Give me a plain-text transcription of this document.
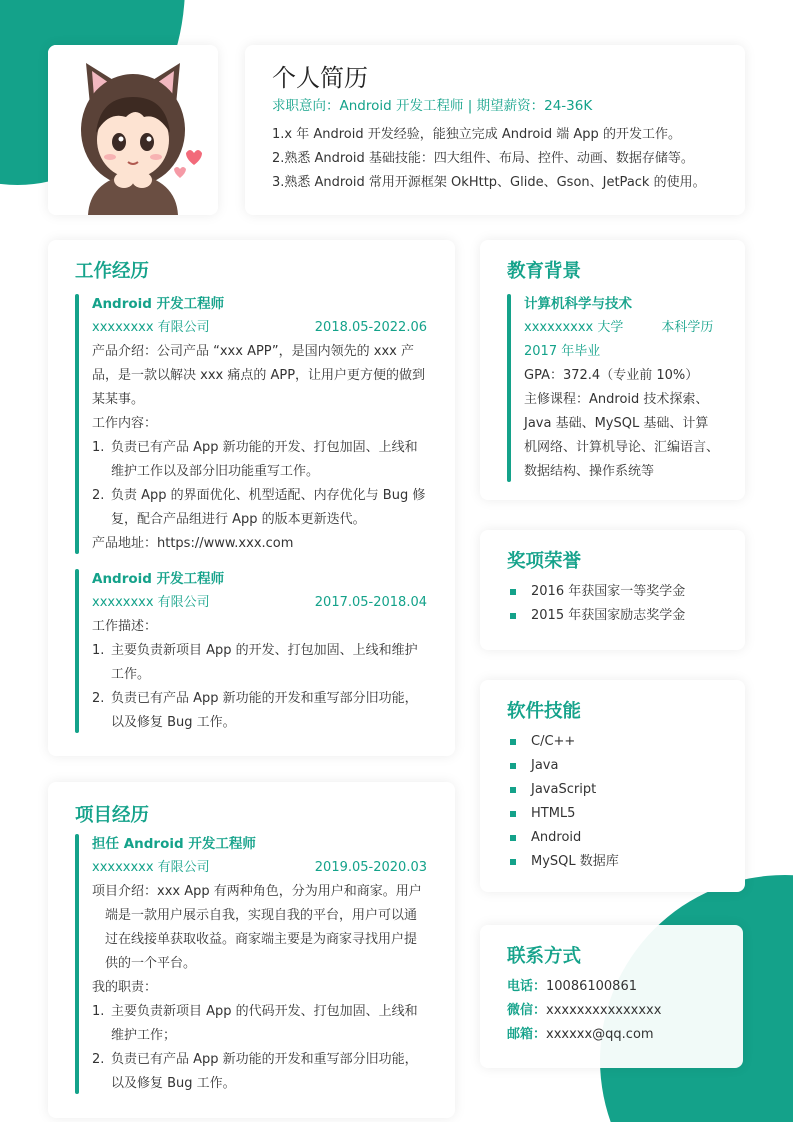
个人简历
求职意向：Android 开发工程师 | 期望薪资：24-36K
1.x 年 Android 开发经验，能独立完成 Android 端 App 的开发工作。
2.熟悉 Android 基础技能：四大组件、布局、控件、动画、数据存储等。
3.熟悉 Android 常用开源框架 OkHttp、Glide、Gson、JetPack 的使用。
工作经历
Android 开发工程师
xxxxxxxx 有限公司	2018.05-2022.06
产品介绍：公司产品 “xxx APP”，是国内领先的 xxx 产品，是一款以解决 xxx 痛点的 APP，让用户更方便的做到某某事。
工作内容：
1. 负责已有产品 App 新功能的开发、打包加固、上线和维护工作以及部分旧功能重写工作。
2. 负责 App 的界面优化、机型适配、内存优化与 Bug 修复，配合产品组进行 App 的版本更新迭代。
产品地址：https://www.xxx.com
Android 开发工程师
xxxxxxxx 有限公司	2017.05-2018.04
工作描述：
1. 主要负责新项目 App 的开发、打包加固、上线和维护工作。
2. 负责已有产品 App 新功能的开发和重写部分旧功能，以及修复 Bug 工作。
项目经历
担任 Android 开发工程师
xxxxxxxx 有限公司	2019.05-2020.03
项目介绍：xxx App 有两种角色，分为用户和商家。用户端是一款用户展示自我，实现自我的平台，用户可以通过在线接单获取收益。商家端主要是为商家寻找用户提供的一个平台。
我的职责：
1. 主要负责新项目 App 的代码开发、打包加固、上线和维护工作；
2. 负责已有产品 App 新功能的开发和重写部分旧功能，以及修复 Bug 工作。
教育背景
计算机科学与技术
xxxxxxxxx 大学	本科学历
2017 年毕业
GPA：372.4（专业前 10%）
主修课程：Android 技术探索、Java 基础、MySQL 基础、计算机网络、计算机导论、汇编语言、数据结构、操作系统等
奖项荣誉
2016 年获国家一等奖学金
2015 年获国家励志奖学金
软件技能
C/C++
Java
JavaScript
HTML5
Android
MySQL 数据库
联系方式
电话：10086100861
微信：xxxxxxxxxxxxxxx
邮箱：xxxxxx@qq.com
